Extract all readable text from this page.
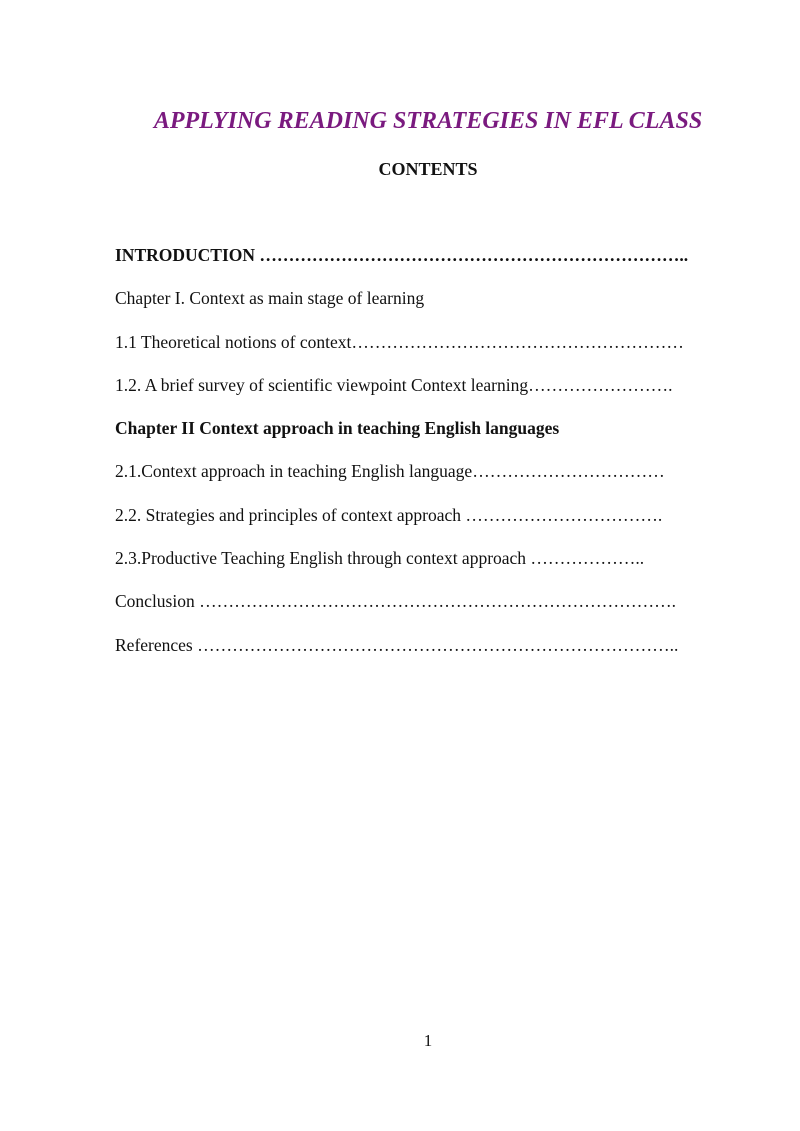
APPLYING READING STRATEGIES IN EFL CLASS
CONTENTS
INTRODUCTION ………………………………………………………………..
Chapter I. Context as main stage of learning
1.1 Theoretical notions of context…………………………………………………
1.2. A brief survey of scientific viewpoint Context learning…………………….
Chapter II Context approach in teaching English languages
2.1.Context approach in teaching English language……………………………
2.2. Strategies and principles of context approach …………………………….
2.3.Productive Teaching English through context approach ………………..
Conclusion ……………………………………………………………………….
References ………………………………………………………………………..
1
